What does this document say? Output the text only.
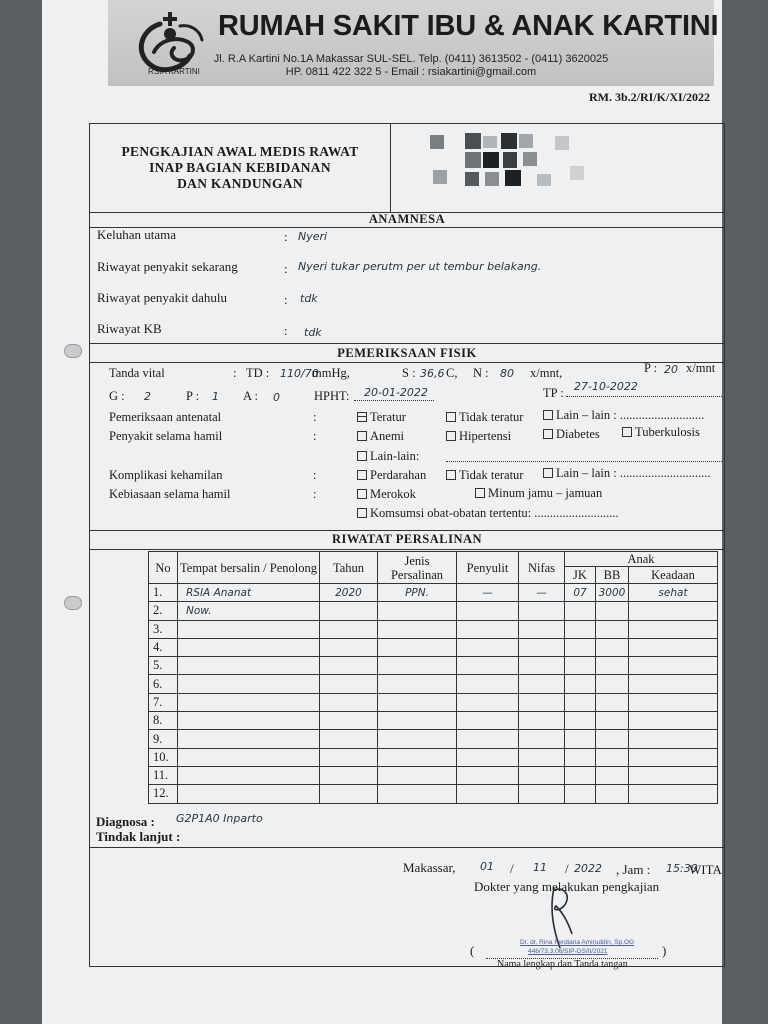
RUMAH SAKIT IBU & ANAK KARTINI
Jl. R.A Kartini No.1A Makassar SUL-SEL. Telp. (0411) 3613502 - (0411) 3620025
HP. 0811 422 322 5 - Email : rsiakartini@gmail.com
RSIA KARTINI
RM. 3b.2/RI/K/XI/2022
PENGKAJIAN AWAL MEDIS RAWAT
INAP BAGIAN KEBIDANAN
DAN KANDUNGAN
ANAMNESA
Keluhan utama	: Nyeri
Riwayat penyakit sekarang	: Nyeri tukar perutm per ut tembur belakang.
Riwayat penyakit dahulu	: tdk
Riwayat KB	: tdk
PEMERIKSAAN FISIK
Tanda vital	: TD : 110/70
mmHg,	S : 36,6 C, N : 80 x/mnt,	P : 20 x/mnt
G : 2	P : 1 A : 0	HPHT: 20-01-2022	TP : 27-10-2022
Pemeriksaan antenatal	:	Teratur	Tidak teratur	Lain – lain : ...........................
Penyakit selama hamil	:	Anemi	Hipertensi	Diabetes	Tuberkulosis
Lain-lain:
Komplikasi kehamilan	:	Perdarahan	Tidak teratur	Lain – lain : .............................
Kebiasaan selama hamil	:	Merokok	Minum jamu – jamuan
Komsumsi obat-obatan tertentu: ...........................
RIWATAT PERSALINAN
No	Tempat bersalin / Penolong	Tahun	Jenis Persalinan	Penyulit	Nifas	Anak		
						JK	BB	Keadaan
1.	RSIA Ananat	2020	PPN.	—	—	07	3000	sehat
2.	Now.							
3.								
4.								
5.								
6.								
7.								
8.								
9.								
10.								
11.								
12.								
Diagnosa : G2P1A0 Inparto
Tindak lanjut :
Makassar, 01 / 11 / 2022 , Jam : 15:30
WITA
Dokter yang melakukan pengkajian
Dr. dr. Rina Ferdiana Amiruddin, Sp.OG
446/73.3.06/SIP-DS/II/2021
(	)
Nama lengkap dan Tanda tangan
